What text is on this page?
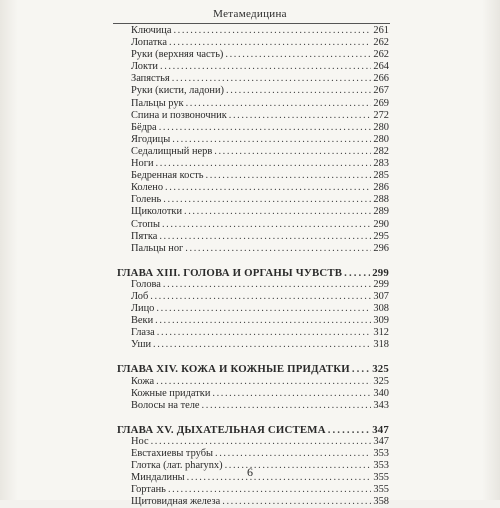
Метамедицина
Ключица . . .	261
Лопатка . . .	262
Руки (верхняя часть) . . .	262
Локти . . .	264
Запястья . . .	266
Руки (кисти, ладони) . . .	267
Пальцы рук . . .	269
Спина и позвоночник . . .	272
Бёдра . . .	280
Ягодицы . . .	280
Седалищный нерв . . .	282
Ноги . . .	283
Бедренная кость . . .	285
Колено . . .	286
Голень . . .	288
Щиколотки . . .	289
Стопы . . .	290
Пятка . . .	295
Пальцы ног . . .	296
ГЛАВА XIII. ГОЛОВА И ОРГАНЫ ЧУВСТВ . . .	299
Голова . . .	299
Лоб . . .	307
Лицо . . .	308
Веки . . .	309
Глаза . . .	312
Уши . . .	318
ГЛАВА XIV. КОЖА И КОЖНЫЕ ПРИДАТКИ . . . 325
Кожа . . .	325
Кожные придатки . . .	340
Волосы на теле . . .	343
ГЛАВА XV. ДЫХАТЕЛЬНАЯ СИСТЕМА . . .	347
Нос . . .	347
Евстахиевы трубы . . .	353
Глотка (лат. pharynx) . . .	353
Миндалины . . .	355
Гортань . . .	355
Щитовидная железа . . .	358
6
